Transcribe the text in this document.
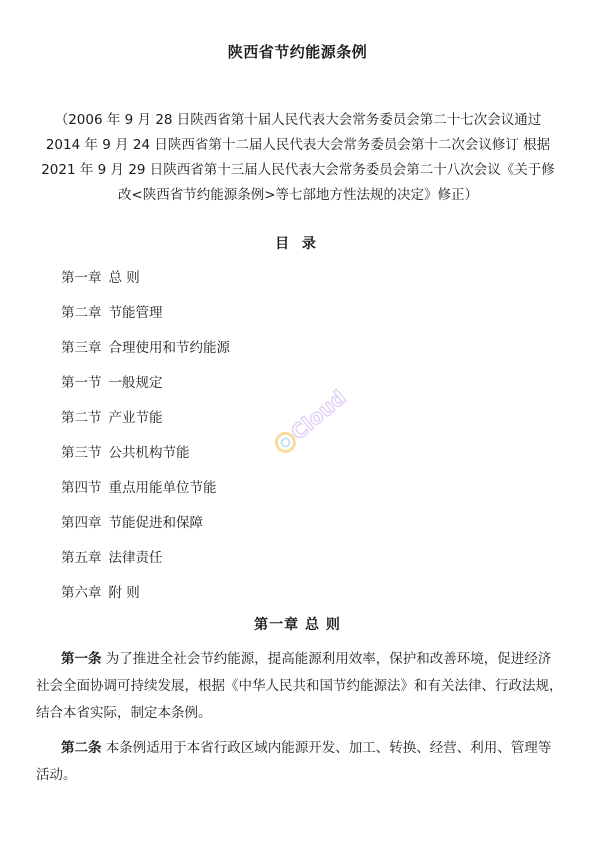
陕西省节约能源条例
（2006 年 9 月 28 日陕西省第十届人民代表大会常务委员会第二十七次会议通过
2014 年 9 月 24 日陕西省第十二届人民代表大会常务委员会第十二次会议修订 根据
2021 年 9 月 29 日陕西省第十三届人民代表大会常务委员会第二十八次会议《关于修
改<陕西省节约能源条例>等七部地方性法规的决定》修正）
目 录
第一章 总 则
第二章 节能管理
第三章 合理使用和节约能源
第一节 一般规定
第二节 产业节能
第三节 公共机构节能
第四节 重点用能单位节能
第四章 节能促进和保障
第五章 法律责任
第六章 附 则
第一章 总 则

第一条 为了推进全社会节约能源，提高能源利用效率，保护和改善环境，促进经济
社会全面协调可持续发展，根据《中华人民共和国节约能源法》和有关法律、行政法规，
结合本省实际，制定本条例。

第二条 本条例适用于本省行政区域内能源开发、加工、转换、经营、利用、管理等
活动。

Cloud
